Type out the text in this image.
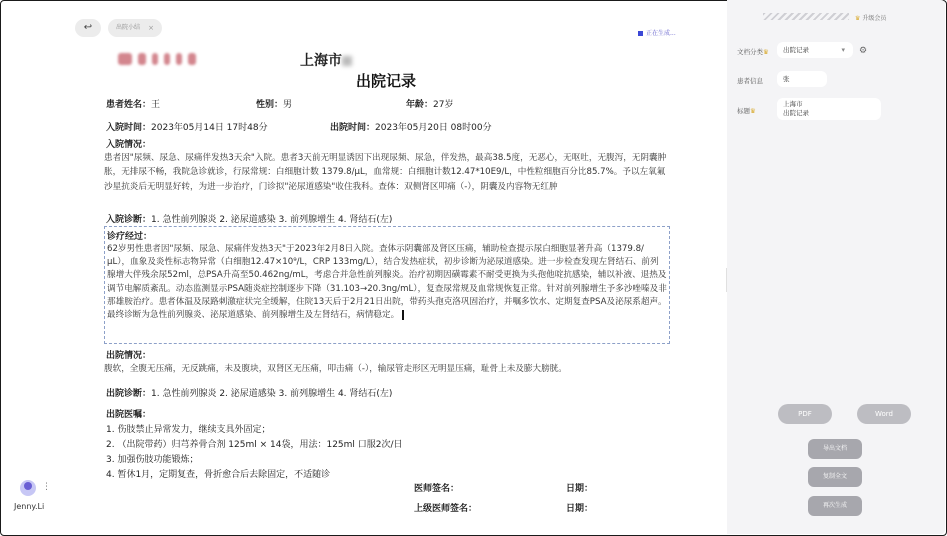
↩	出院小结 ×
正在生成...
⋮
Jenny.Li
上海市
出院记录
患者姓名：王	性别：男	年龄：27岁
入院时间：2023年05月14日 17时48分	出院时间：2023年05月20日 08时00分
入院情况：
患者因"尿频、尿急、尿痛伴发热3天余"入院。患者3天前无明显诱因下出现尿频、尿急，伴发热，最高38.5度，无恶心，无呕吐，无腹泻，无阴囊肿胀，无排尿不畅，我院急诊就诊，行尿常规：白细胞计数 1379.8/μL，血常规：白细胞计数12.47*10E9/L，中性粒细胞百分比85.7%。予以左氧氟沙星抗炎后无明显好转，为进一步治疗，门诊拟"泌尿道感染"收住我科。查体：双侧肾区叩痛（-），阴囊及内容物无红肿
入院诊断：1. 急性前列腺炎 2. 泌尿道感染 3. 前列腺增生 4. 肾结石(左)
诊疗经过：
62岁男性患者因"尿频、尿急、尿痛伴发热3天"于2023年2月8日入院。查体示阴囊部及肾区压痛，辅助检查提示尿白细胞显著升高（1379.8/μL），血象及炎性标志物异常（白细胞12.47×10⁹/L，CRP 133mg/L），结合发热症状，初步诊断为泌尿道感染。进一步检查发现左肾结石、前列腺增大伴残余尿52ml，总PSA升高至50.462ng/mL，考虑合并急性前列腺炎。治疗初期因磺霉素不耐受更换为头孢他啶抗感染，辅以补液、退热及调节电解质紊乱。动态监测显示PSA随炎症控制逐步下降（31.103→20.3ng/mL），复查尿常规及血常规恢复正常。针对前列腺增生予多沙唑嗪及非那雄胺治疗。患者体温及尿路刺激症状完全缓解，住院13天后于2月21日出院，带药头孢克洛巩固治疗，并嘱多饮水、定期复查PSA及泌尿系超声。最终诊断为急性前列腺炎、泌尿道感染、前列腺增生及左肾结石，病情稳定。
出院情况：
腹软，全腹无压痛，无反跳痛，未及腹块，双肾区无压痛，叩击痛（-），输尿管走形区无明显压痛，耻骨上未及膨大膀胱。
出院诊断：1. 急性前列腺炎 2. 泌尿道感染 3. 前列腺增生 4. 肾结石(左)
出院医嘱：
1. 伤肢禁止异常发力，继续支具外固定；
2. （出院带药）归芎养骨合剂 125ml × 14袋，用法：125ml 口服2次/日
3. 加强伤肢功能锻炼；
4. 暂休1月，定期复查，骨折愈合后去除固定，不适随诊
医师签名：	日期：
上级医师签名：	日期：
♛ 升级会员
文档分类♛	出院记录	▾ ⚙
患者信息	张
标题♛
上海市
出院记录
PDF	Word
导出文档
复制全文
再次生成
